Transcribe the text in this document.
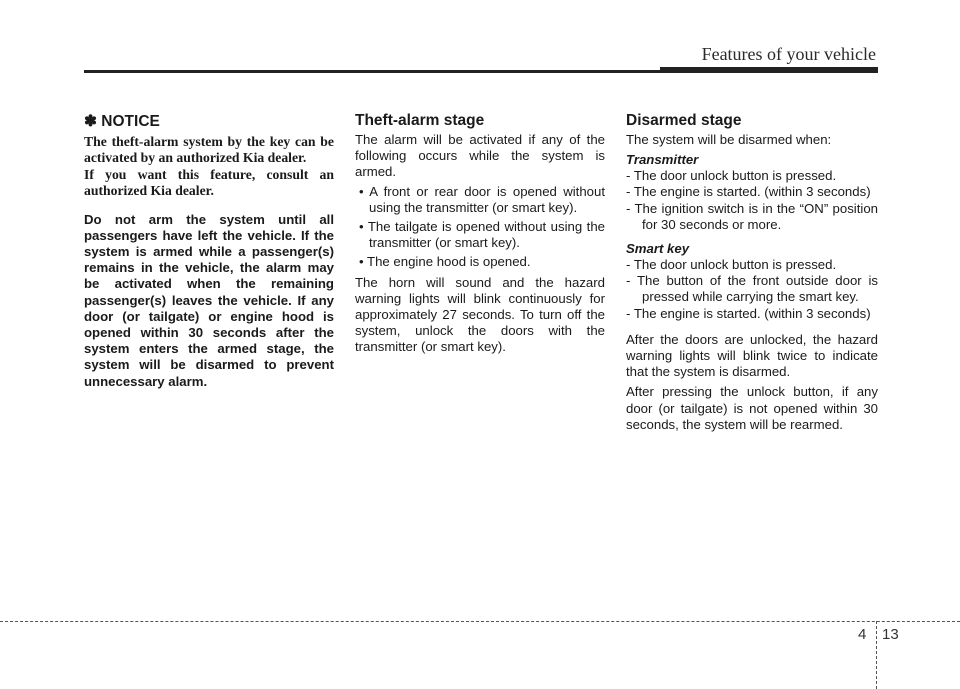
Features of your vehicle
✽ NOTICE

The theft-alarm system by the key can be activated by an authorized Kia dealer.

If you want this feature, consult an authorized Kia dealer.

Do not arm the system until all passengers have left the vehicle. If the system is armed while a passenger(s) remains in the vehicle, the alarm may be activated when the remaining passenger(s) leaves the vehicle. If any door (or tailgate) or engine hood is opened within 30 seconds after the system enters the armed stage, the system will be disarmed to prevent unnecessary alarm.

Theft-alarm stage

The alarm will be activated if any of the following occurs while the system is armed.

• A front or rear door is opened without using the transmitter (or smart key).

• The tailgate is opened without using the transmitter (or smart key).

• The engine hood is opened.

The horn will sound and the hazard warning lights will blink continuously for approximately 27 seconds. To turn off the system, unlock the doors with the transmitter (or smart key).

Disarmed stage

The system will be disarmed when:

Transmitter

- The door unlock button is pressed.

- The engine is started. (within 3 seconds)

- The ignition switch is in the “ON” position for 30 seconds or more.

Smart key

- The door unlock button is pressed.

- The button of the front outside door is pressed while carrying the smart key.

- The engine is started. (within 3 seconds)

After the doors are unlocked, the hazard warning lights will blink twice to indicate that the system is disarmed.

After pressing the unlock button, if any door (or tailgate) is not opened within 30 seconds, the system will be rearmed.

4 13
